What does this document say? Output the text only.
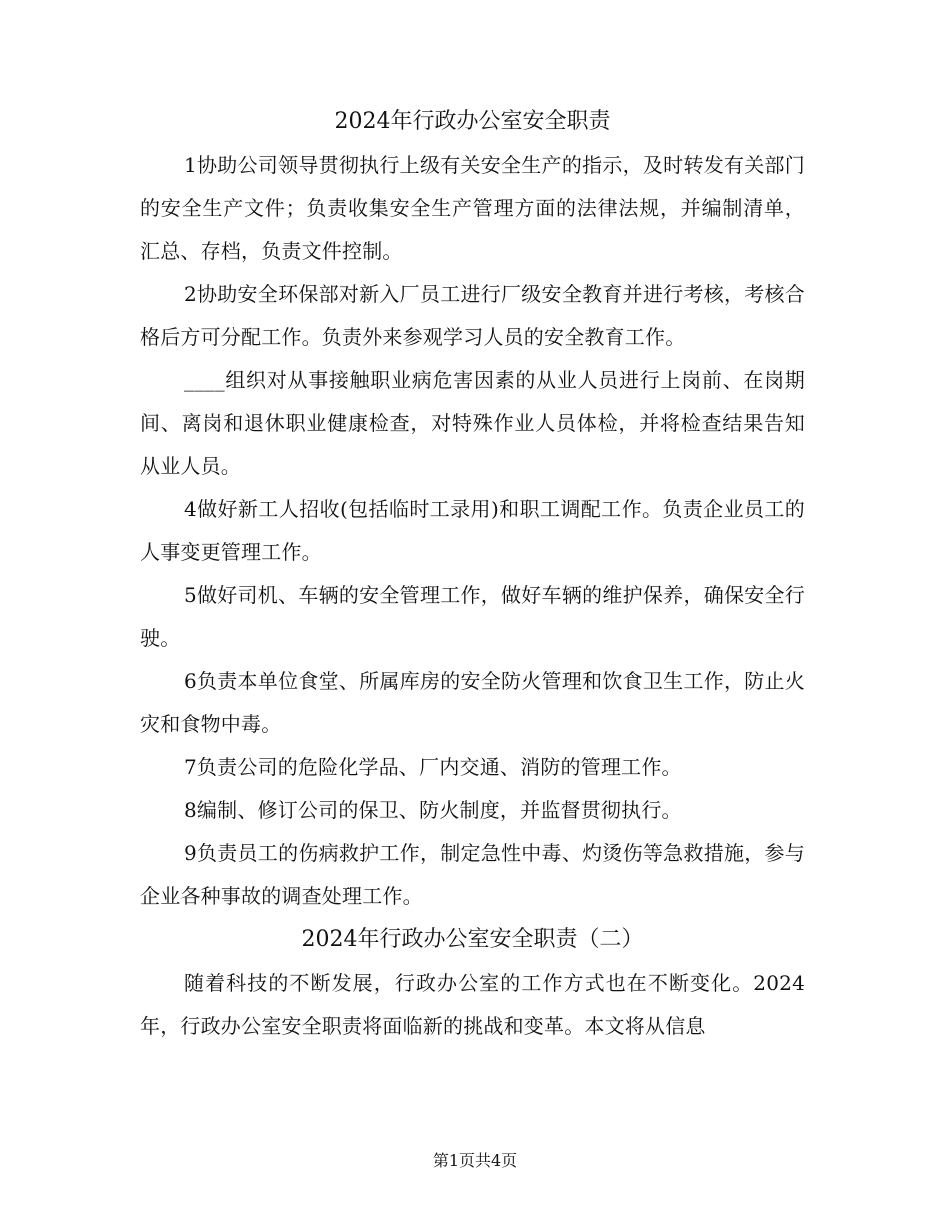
2024年行政办公室安全职责

1协助公司领导贯彻执行上级有关安全生产的指示，及时转发有关部门的安全生产文件；负责收集安全生产管理方面的法律法规，并编制清单，汇总、存档，负责文件控制。

2协助安全环保部对新入厂员工进行厂级安全教育并进行考核，考核合格后方可分配工作。负责外来参观学习人员的安全教育工作。

____组织对从事接触职业病危害因素的从业人员进行上岗前、在岗期间、离岗和退休职业健康检查，对特殊作业人员体检，并将检查结果告知从业人员。

4做好新工人招收(包括临时工录用)和职工调配工作。负责企业员工的人事变更管理工作。

5做好司机、车辆的安全管理工作，做好车辆的维护保养，确保安全行驶。

6负责本单位食堂、所属库房的安全防火管理和饮食卫生工作，防止火灾和食物中毒。

7负责公司的危险化学品、厂内交通、消防的管理工作。

8编制、修订公司的保卫、防火制度，并监督贯彻执行。

9负责员工的伤病救护工作，制定急性中毒、灼烫伤等急救措施，参与企业各种事故的调查处理工作。

2024年行政办公室安全职责（二）

随着科技的不断发展，行政办公室的工作方式也在不断变化。2024年，行政办公室安全职责将面临新的挑战和变革。本文将从信息

第1页共4页
